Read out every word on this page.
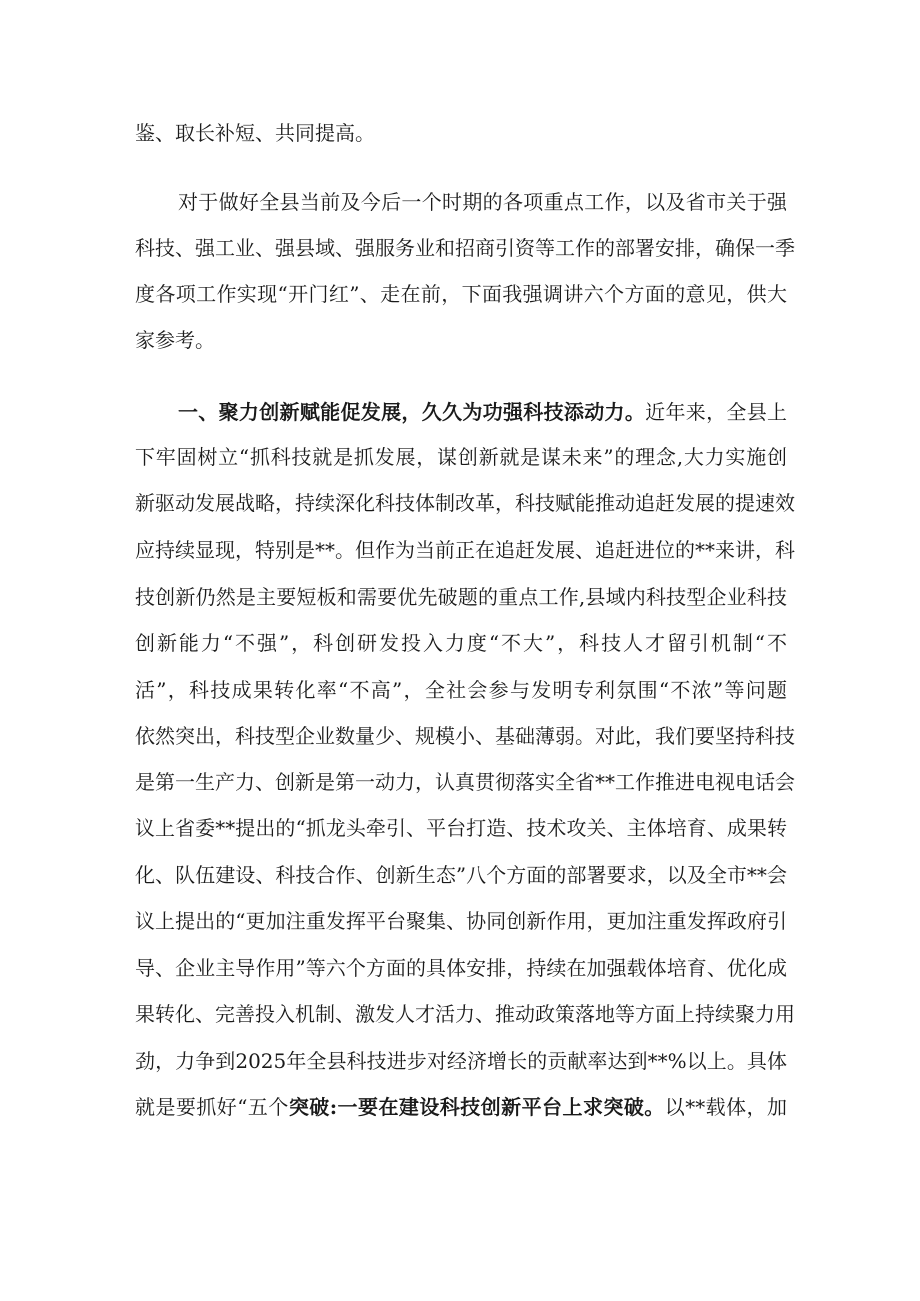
鉴、取长补短、共同提高。
对于做好全县当前及今后一个时期的各项重点工作，以及省市关于强
科技、强工业、强县域、强服务业和招商引资等工作的部署安排，确保一季
度各项工作实现“开门红”、走在前，下面我强调讲六个方面的意见，供大
家参考。
一、聚力创新赋能促发展，久久为功强科技添动力。近年来，全县上
下牢固树立“抓科技就是抓发展，谋创新就是谋未来”的理念,大力实施创
新驱动发展战略，持续深化科技体制改革，科技赋能推动追赶发展的提速效
应持续显现，特别是**。但作为当前正在追赶发展、追赶进位的**来讲，科
技创新仍然是主要短板和需要优先破题的重点工作,县域内科技型企业科技
创新能力“不强”，科创研发投入力度“不大”，科技人才留引机制“不
活”，科技成果转化率“不高”，全社会参与发明专利氛围“不浓”等问题
依然突出，科技型企业数量少、规模小、基础薄弱。对此，我们要坚持科技
是第一生产力、创新是第一动力，认真贯彻落实全省**工作推进电视电话会
议上省委**提出的“抓龙头牵引、平台打造、技术攻关、主体培育、成果转
化、队伍建设、科技合作、创新生态”八个方面的部署要求，以及全市**会
议上提出的“更加注重发挥平台聚集、协同创新作用，更加注重发挥政府引
导、企业主导作用”等六个方面的具体安排，持续在加强载体培育、优化成
果转化、完善投入机制、激发人才活力、推动政策落地等方面上持续聚力用
劲，力争到2025年全县科技进步对经济增长的贡献率达到**%以上。具体
就是要抓好“五个突破:一要在建设科技创新平台上求突破。以**载体，加
